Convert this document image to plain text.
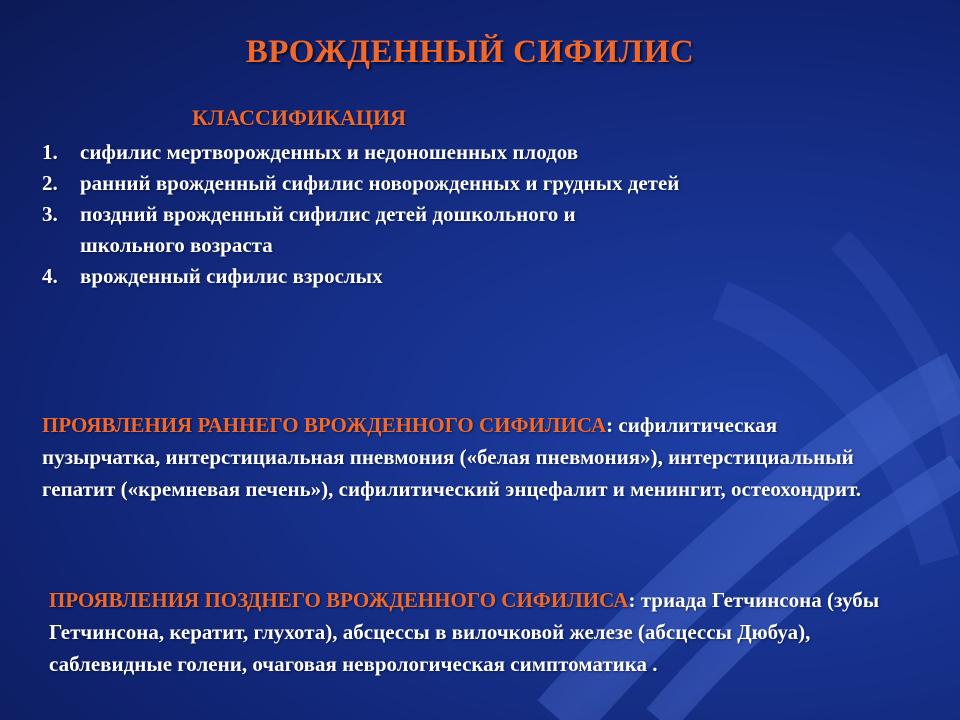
ВРОЖДЕННЫЙ СИФИЛИС
КЛАССИФИКАЦИЯ
1. сифилис мертворожденных и недоношенных плодов
2. ранний врожденный сифилис новорожденных и грудных детей
3. поздний врожденный сифилис детей дошкольного и школьного возраста
4. врожденный сифилис взрослых
ПРОЯВЛЕНИЯ РАННЕГО ВРОЖДЕННОГО СИФИЛИСА: сифилитическая пузырчатка, интерстициальная пневмония («белая пневмония»), интерстициальный гепатит («кремневая печень»), сифилитический энцефалит и менингит, остеохондрит.
ПРОЯВЛЕНИЯ ПОЗДНЕГО ВРОЖДЕННОГО СИФИЛИСА: триада Гетчинсона (зубы Гетчинсона, кератит, глухота), абсцессы в вилочковой железе (абсцессы Дюбуа), саблевидные голени, очаговая неврологическая симптоматика .
